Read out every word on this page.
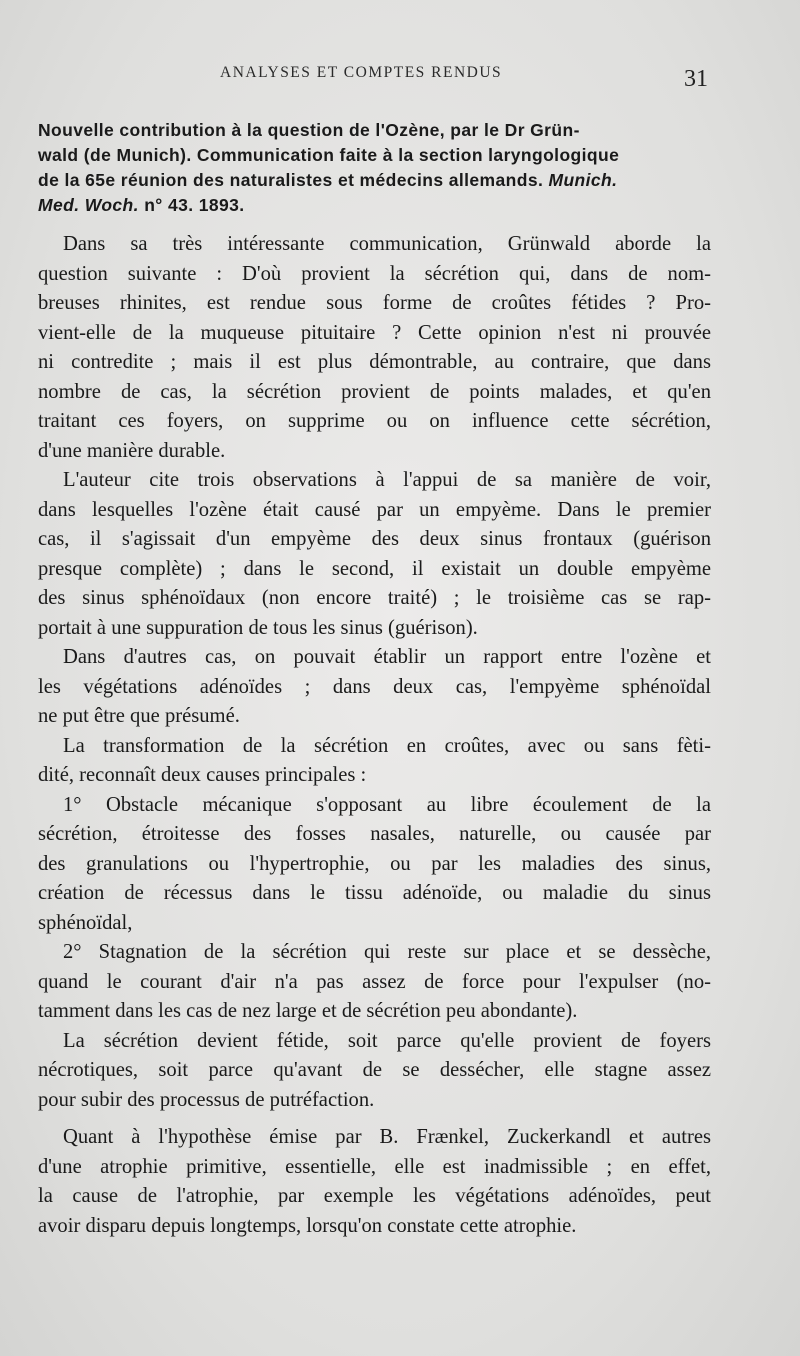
ANALYSES ET COMPTES RENDUS	31

Nouvelle contribution à la question de l'Ozène, par le Dr Grün-

wald (de Munich). Communication faite à la section laryngologique

de la 65e réunion des naturalistes et médecins allemands. Munich.

Med. Woch. n° 43. 1893.

Dans sa très intéressante communication, Grünwald aborde la
question suivante : D'où provient la sécrétion qui, dans de nom-
breuses rhinites, est rendue sous forme de croûtes fétides ? Pro-
vient-elle de la muqueuse pituitaire ? Cette opinion n'est ni prouvée
ni contredite ; mais il est plus démontrable, au contraire, que dans
nombre de cas, la sécrétion provient de points malades, et qu'en
traitant ces foyers, on supprime ou on influence cette sécrétion,
d'une manière durable.
L'auteur cite trois observations à l'appui de sa manière de voir,
dans lesquelles l'ozène était causé par un empyème. Dans le premier
cas, il s'agissait d'un empyème des deux sinus frontaux (guérison
presque complète) ; dans le second, il existait un double empyème
des sinus sphénoïdaux (non encore traité) ; le troisième cas se rap-
portait à une suppuration de tous les sinus (guérison).
Dans d'autres cas, on pouvait établir un rapport entre l'ozène et
les végétations adénoïdes ; dans deux cas, l'empyème sphénoïdal
ne put être que présumé.
La transformation de la sécrétion en croûtes, avec ou sans fèti-
dité, reconnaît deux causes principales :
1° Obstacle mécanique s'opposant au libre écoulement de la
sécrétion, étroitesse des fosses nasales, naturelle, ou causée par
des granulations ou l'hypertrophie, ou par les maladies des sinus,
création de récessus dans le tissu adénoïde, ou maladie du sinus
sphénoïdal,
2° Stagnation de la sécrétion qui reste sur place et se dessèche,
quand le courant d'air n'a pas assez de force pour l'expulser (no-
tamment dans les cas de nez large et de sécrétion peu abondante).
La sécrétion devient fétide, soit parce qu'elle provient de foyers
nécrotiques, soit parce qu'avant de se dessécher, elle stagne assez
pour subir des processus de putréfaction.
Quant à l'hypothèse émise par B. Frænkel, Zuckerkandl et autres
d'une atrophie primitive, essentielle, elle est inadmissible ; en effet,
la cause de l'atrophie, par exemple les végétations adénoïdes, peut
avoir disparu depuis longtemps, lorsqu'on constate cette atrophie.
